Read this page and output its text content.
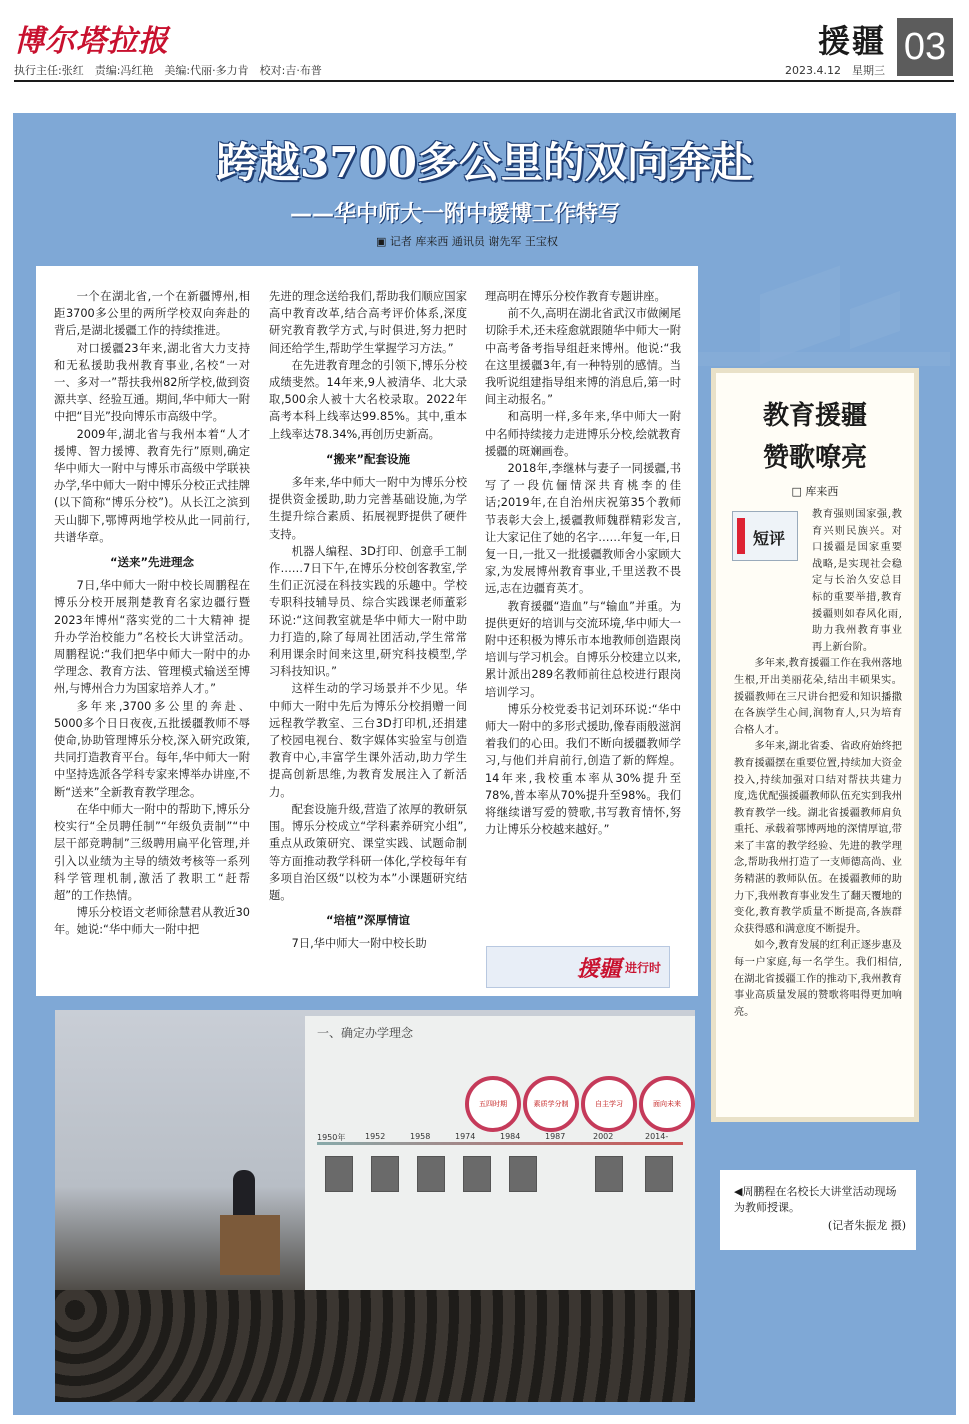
博尔塔拉报	援疆 03
执行主任:张红　责编:冯红艳　美编:代丽·多力肯　校对:吉·布普	2023.4.12　星期三
跨越3700多公里的双向奔赴
——华中师大一附中援博工作特写
▣ 记者 库来西 通讯员 谢先军 王宝权

一个在湖北省,一个在新疆博州,相距3700多公里的两所学校双向奔赴的背后,是湖北援疆工作的持续推进。

对口援疆23年来,湖北省大力支持和无私援助我州教育事业,名校“一对一、多对一”帮扶我州82所学校,做到资源共享、经验互通。期间,华中师大一附中把“目光”投向博乐市高级中学。

2009年,湖北省与我州本着“人才援博、智力援博、教育先行”原则,确定华中师大一附中与博乐市高级中学联袂办学,华中师大一附中博乐分校正式挂牌(以下简称“博乐分校”)。从长江之滨到天山脚下,鄂博两地学校从此一同前行,共谱华章。

“送来”先进理念

7日,华中师大一附中校长周鹏程在博乐分校开展荆楚教育名家边疆行暨2023年博州“落实党的二十大精神 提升办学治校能力”名校长大讲堂活动。周鹏程说:“我们把华中师大一附中的办学理念、教育方法、管理模式输送至博州,与博州合力为国家培养人才。”

多年来,3700多公里的奔赴、5000多个日日夜夜,五批援疆教师不辱使命,协助管理博乐分校,深入研究政策,共同打造教育平台。每年,华中师大一附中坚持选派各学科专家来博举办讲座,不断“送来”全新教育教学理念。

在华中师大一附中的帮助下,博乐分校实行“全员聘任制”“年级负责制”“中层干部竞聘制”三级聘用扁平化管理,并引入以业绩为主导的绩效考核等一系列科学管理机制,激活了教职工“赶帮超”的工作热情。

博乐分校语文老师徐慧君从教近30年。她说:“华中师大一附中把

先进的理念送给我们,帮助我们顺应国家高中教育改革,结合高考评价体系,深度研究教育教学方式,与时俱进,努力把时间还给学生,帮助学生掌握学习方法。”

在先进教育理念的引领下,博乐分校成绩斐然。14年来,9人被清华、北大录取,500余人被十大名校录取。2022年高考本科上线率达99.85%。其中,重本上线率达78.34%,再创历史新高。

“搬来”配套设施

多年来,华中师大一附中为博乐分校提供资金援助,助力完善基础设施,为学生提升综合素质、拓展视野提供了硬件支持。

机器人编程、3D打印、创意手工制作……7日下午,在博乐分校创客教室,学生们正沉浸在科技实践的乐趣中。学校专职科技辅导员、综合实践课老师董彩环说:“这间教室就是华中师大一附中助力打造的,除了每周社团活动,学生常常利用课余时间来这里,研究科技模型,学习科技知识。”

这样生动的学习场景并不少见。华中师大一附中先后为博乐分校捐赠一间远程教学教室、三台3D打印机,还捐建了校园电视台、数字媒体实验室与创造教育中心,丰富学生课外活动,助力学生提高创新思维,为教育发展注入了新活力。

配套设施升级,营造了浓厚的教研氛围。博乐分校成立“学科素养研究小组”,重点从政策研究、课堂实践、试题命制等方面推动教学科研一体化,学校每年有多项自治区级“以校为本”小课题研究结题。

“培植”深厚情谊

7日,华中师大一附中校长助

理高明在博乐分校作教育专题讲座。

前不久,高明在湖北省武汉市做阑尾切除手术,还未痊愈就跟随华中师大一附中高考备考指导组赶来博州。他说:“我在这里援疆3年,有一种特别的感情。当我听说组建指导组来博的消息后,第一时间主动报名。”

和高明一样,多年来,华中师大一附中名师持续接力走进博乐分校,绘就教育援疆的斑斓画卷。

2018年,李继林与妻子一同援疆,书写了一段伉俪情深共育桃李的佳话;2019年,在自治州庆祝第35个教师节表彰大会上,援疆教师魏群精彩发言,让大家记住了她的名字……年复一年,日复一日,一批又一批援疆教师舍小家顾大家,为发展博州教育事业,千里送教不畏远,志在边疆育英才。

教育援疆“造血”与“输血”并重。为提供更好的培训与交流环境,华中师大一附中还积极为博乐市本地教师创造跟岗培训与学习机会。自博乐分校建立以来,累计派出289名教师前往总校进行跟岗培训学习。

博乐分校党委书记刘环环说:“华中师大一附中的多形式援助,像春雨般滋润着我们的心田。我们不断向援疆教师学习,与他们并肩前行,创造了新的辉煌。14年来,我校重本率从30%提升至78%,普本率从70%提升至98%。我们将继续谱写爱的赞歌,书写教育情怀,努力让博乐分校越来越好。”

援疆 进行时
一、确定办学理念
五四时期	素质学分制	自主学习	面向未来
1950年 1952	1958	1974	1984	1987	2002	2014-
◀周鹏程在名校长大讲堂活动现场为教师授课。
(记者朱振龙 摄)
教育援疆
赞歌嘹亮
□ 库来西
短评

教育强则国家强,教育兴则民族兴。对口援疆是国家重要战略,是实现社会稳定与长治久安总目标的重要举措,教育援疆则如春风化雨,助力我州教育事业再上新台阶。

多年来,教育援疆工作在我州落地生根,开出美丽花朵,结出丰硕果实。援疆教师在三尺讲台把爱和知识播撒在各族学生心间,润物育人,只为培育合格人才。

多年来,湖北省委、省政府始终把教育援疆摆在重要位置,持续加大资金投入,持续加强对口结对帮扶共建力度,选优配强援疆教师队伍充实到我州教育教学一线。湖北省援疆教师肩负重托、承载着鄂博两地的深情厚谊,带来了丰富的教学经验、先进的教学理念,帮助我州打造了一支师德高尚、业务精湛的教师队伍。在援疆教师的助力下,我州教育事业发生了翻天覆地的变化,教育教学质量不断提高,各族群众获得感和满意度不断提升。

如今,教育发展的红利正逐步惠及每一户家庭,每一名学生。我们相信,在湖北省援疆工作的推动下,我州教育事业高质量发展的赞歌将唱得更加响亮。
